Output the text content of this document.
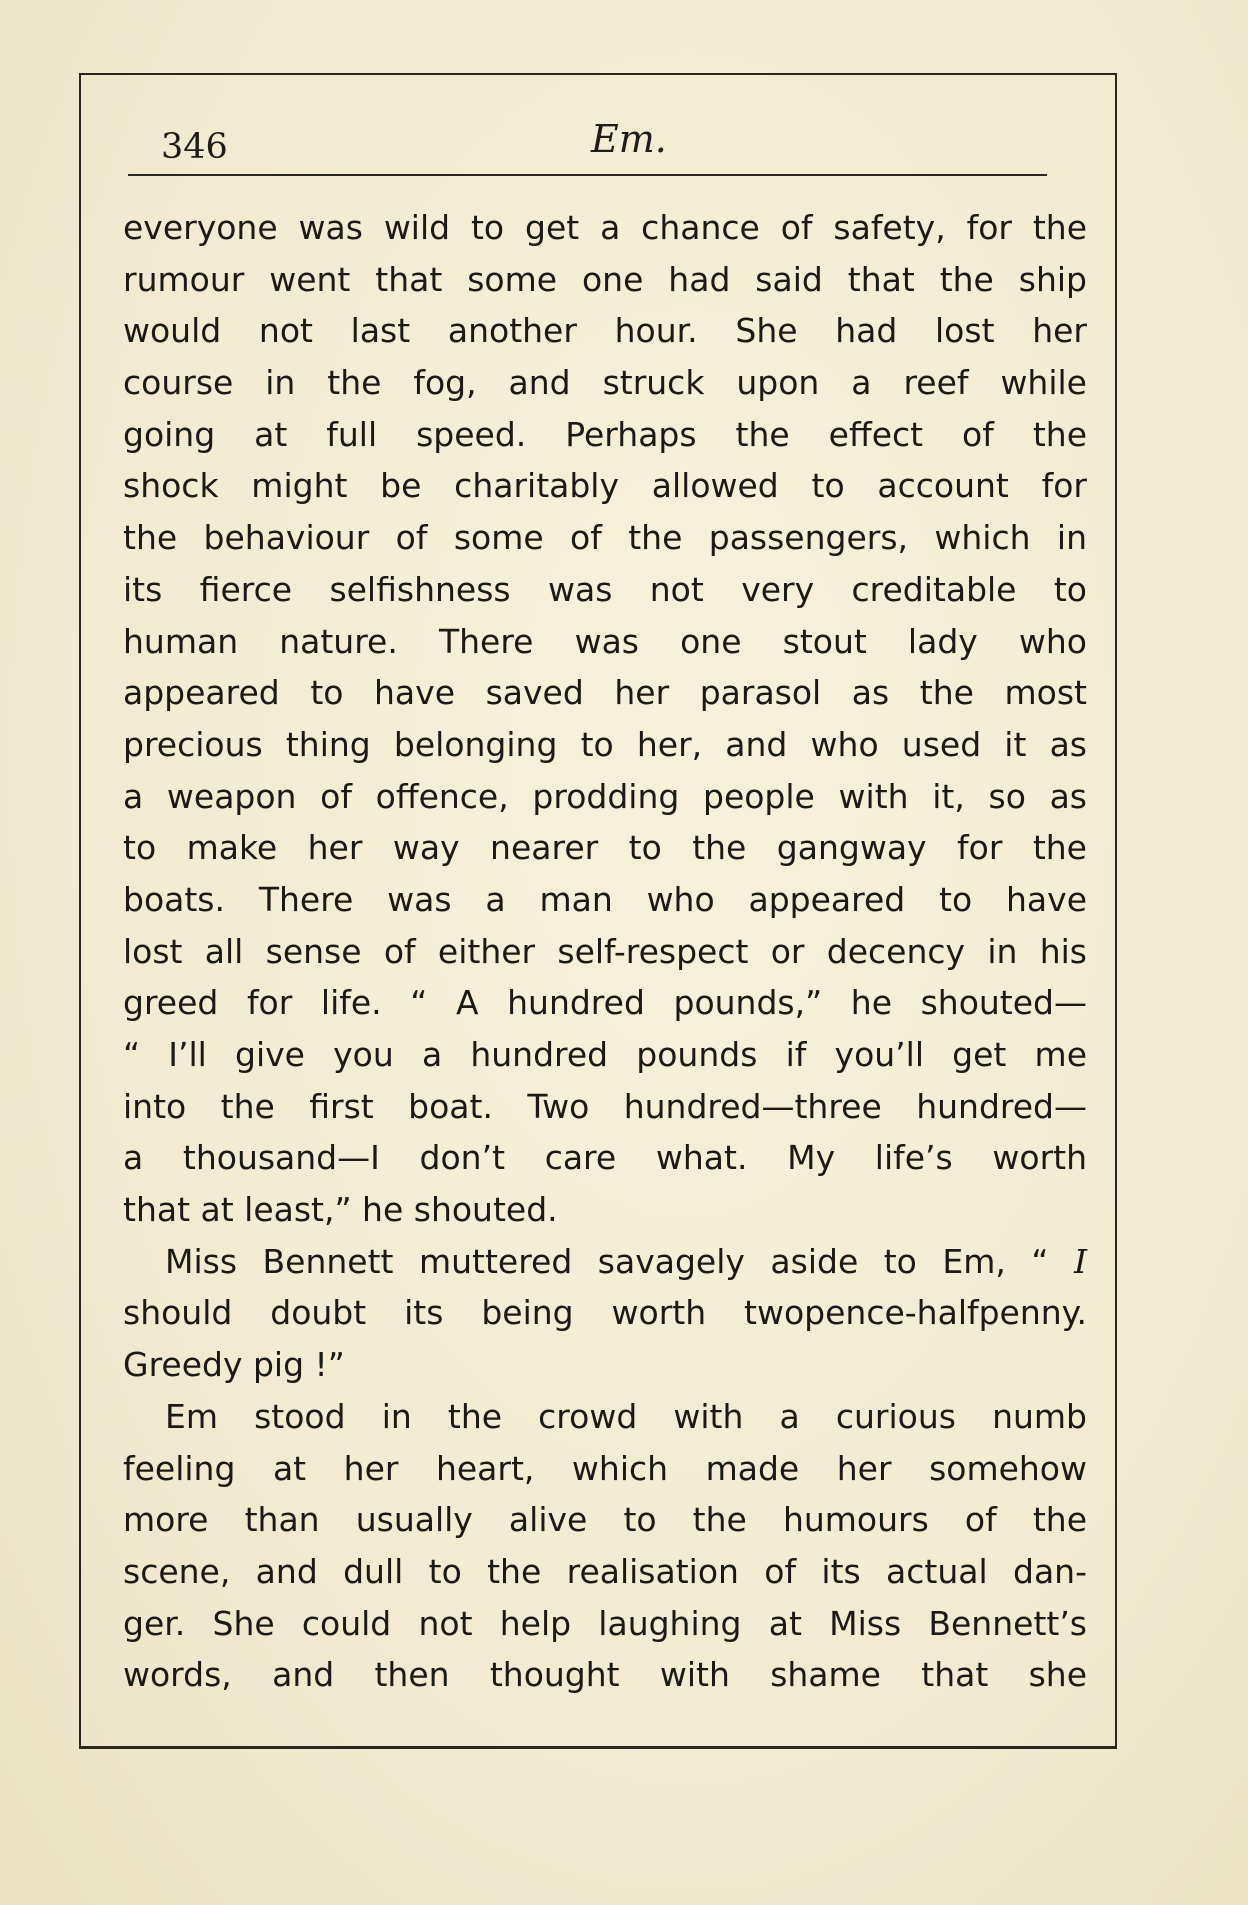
346	Em.
everyone was wild to get a chance of safety, for the
rumour went that some one had said that the ship
would not last another hour. She had lost her
course in the fog, and struck upon a reef while
going at full speed. Perhaps the effect of the
shock might be charitably allowed to account for
the behaviour of some of the passengers, which in
its fierce selfishness was not very creditable to
human nature. There was one stout lady who
appeared to have saved her parasol as the most
precious thing belonging to her, and who used it as
a weapon of offence, prodding people with it, so as
to make her way nearer to the gangway for the
boats. There was a man who appeared to have
lost all sense of either self-respect or decency in his
greed for life. “ A hundred pounds,” he shouted—
“ I’ll give you a hundred pounds if you’ll get me
into the first boat. Two hundred—three hundred—
a thousand—I don’t care what. My life’s worth
that at least,” he shouted.
Miss Bennett muttered savagely aside to Em, “ I
should doubt its being worth twopence-halfpenny.
Greedy pig !”
Em stood in the crowd with a curious numb
feeling at her heart, which made her somehow
more than usually alive to the humours of the
scene, and dull to the realisation of its actual dan-
ger. She could not help laughing at Miss Bennett’s
words, and then thought with shame that she
